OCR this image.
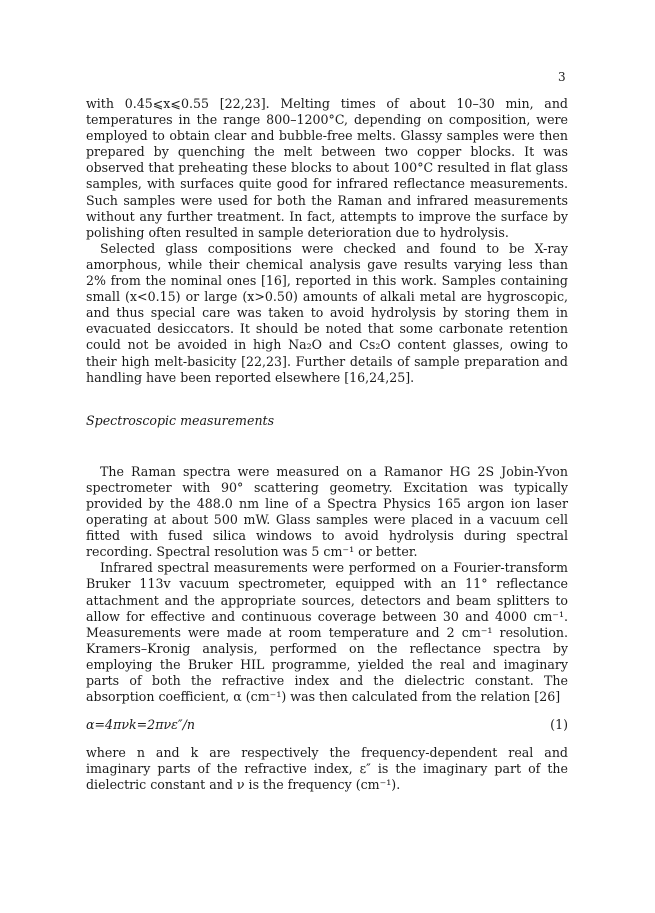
3

with 0.45⩽x⩽0.55 [22,23]. Melting times of about 10–30 min, and temperatures in the range 800–1200°C, depending on composition, were employed to obtain clear and bubble-free melts. Glassy samples were then prepared by quenching the melt between two copper blocks. It was observed that preheating these blocks to about 100°C resulted in flat glass samples, with surfaces quite good for infrared reflectance measurements. Such samples were used for both the Raman and infrared measurements without any further treatment. In fact, attempts to improve the surface by polishing often resulted in sample deterioration due to hydrolysis.

Selected glass compositions were checked and found to be X-ray amorphous, while their chemical analysis gave results varying less than 2% from the nominal ones [16], reported in this work. Samples containing small (x<0.15) or large (x>0.50) amounts of alkali metal are hygroscopic, and thus special care was taken to avoid hydrolysis by storing them in evacuated desiccators. It should be noted that some carbonate retention could not be avoided in high Na₂O and Cs₂O content glasses, owing to their high melt-basicity [22,23]. Further details of sample preparation and handling have been reported elsewhere [16,24,25].

Spectroscopic measurements

The Raman spectra were measured on a Ramanor HG 2S Jobin-Yvon spectrometer with 90° scattering geometry. Excitation was typically provided by the 488.0 nm line of a Spectra Physics 165 argon ion laser operating at about 500 mW. Glass samples were placed in a vacuum cell fitted with fused silica windows to avoid hydrolysis during spectral recording. Spectral resolution was 5 cm⁻¹ or better.

Infrared spectral measurements were performed on a Fourier-transform Bruker 113v vacuum spectrometer, equipped with an 11° reflectance attachment and the appropriate sources, detectors and beam splitters to allow for effective and continuous coverage between 30 and 4000 cm⁻¹. Measurements were made at room temperature and 2 cm⁻¹ resolution. Kramers–Kronig analysis, performed on the reflectance spectra by employing the Bruker HIL programme, yielded the real and imaginary parts of both the refractive index and the dielectric constant. The absorption coefficient, α (cm⁻¹) was then calculated from the relation [26]

α=4πνk=2πνε″/n	(1)

where n and k are respectively the frequency-dependent real and imaginary parts of the refractive index, ε″ is the imaginary part of the dielectric constant and ν is the frequency (cm⁻¹).
